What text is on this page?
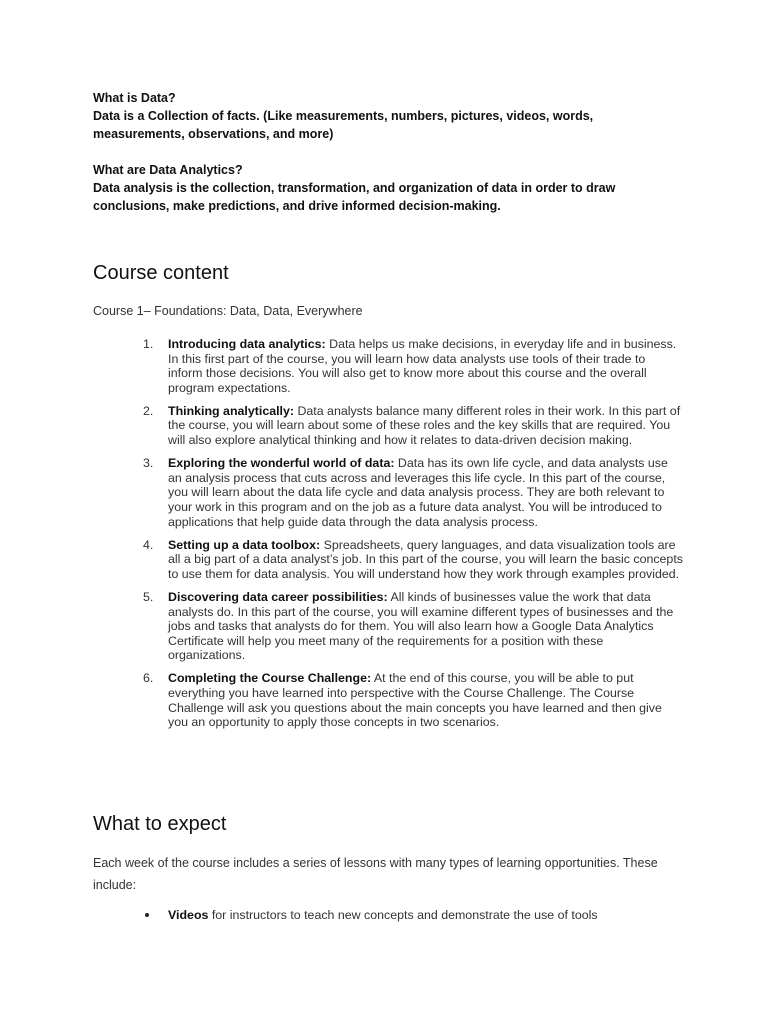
What is Data?

Data is a Collection of facts. (Like measurements, numbers, pictures, videos, words, measurements, observations, and more)

What are Data Analytics?

Data analysis is the collection, transformation, and organization of data in order to draw conclusions, make predictions, and drive informed decision-making.

Course content
Course 1– Foundations: Data, Data, Everywhere
1.	Introducing data analytics: Data helps us make decisions, in everyday life and in business. In this first part of the course, you will learn how data analysts use tools of their trade to inform those decisions. You will also get to know more about this course and the overall program expectations.
2.	Thinking analytically: Data analysts balance many different roles in their work. In this part of the course, you will learn about some of these roles and the key skills that are required. You will also explore analytical thinking and how it relates to data-driven decision making.
3.	Exploring the wonderful world of data: Data has its own life cycle, and data analysts use an analysis process that cuts across and leverages this life cycle. In this part of the course, you will learn about the data life cycle and data analysis process. They are both relevant to your work in this program and on the job as a future data analyst. You will be introduced to applications that help guide data through the data analysis process.
4.	Setting up a data toolbox: Spreadsheets, query languages, and data visualization tools are all a big part of a data analyst’s job. In this part of the course, you will learn the basic concepts to use them for data analysis. You will understand how they work through examples provided.
5.	Discovering data career possibilities: All kinds of businesses value the work that data analysts do. In this part of the course, you will examine different types of businesses and the jobs and tasks that analysts do for them. You will also learn how a Google Data Analytics Certificate will help you meet many of the requirements for a position with these organizations.
6.	Completing the Course Challenge: At the end of this course, you will be able to put everything you have learned into perspective with the Course Challenge. The Course Challenge will ask you questions about the main concepts you have learned and then give you an opportunity to apply those concepts in two scenarios.
What to expect

Each week of the course includes a series of lessons with many types of learning opportunities. These include:

Videos for instructors to teach new concepts and demonstrate the use of tools
